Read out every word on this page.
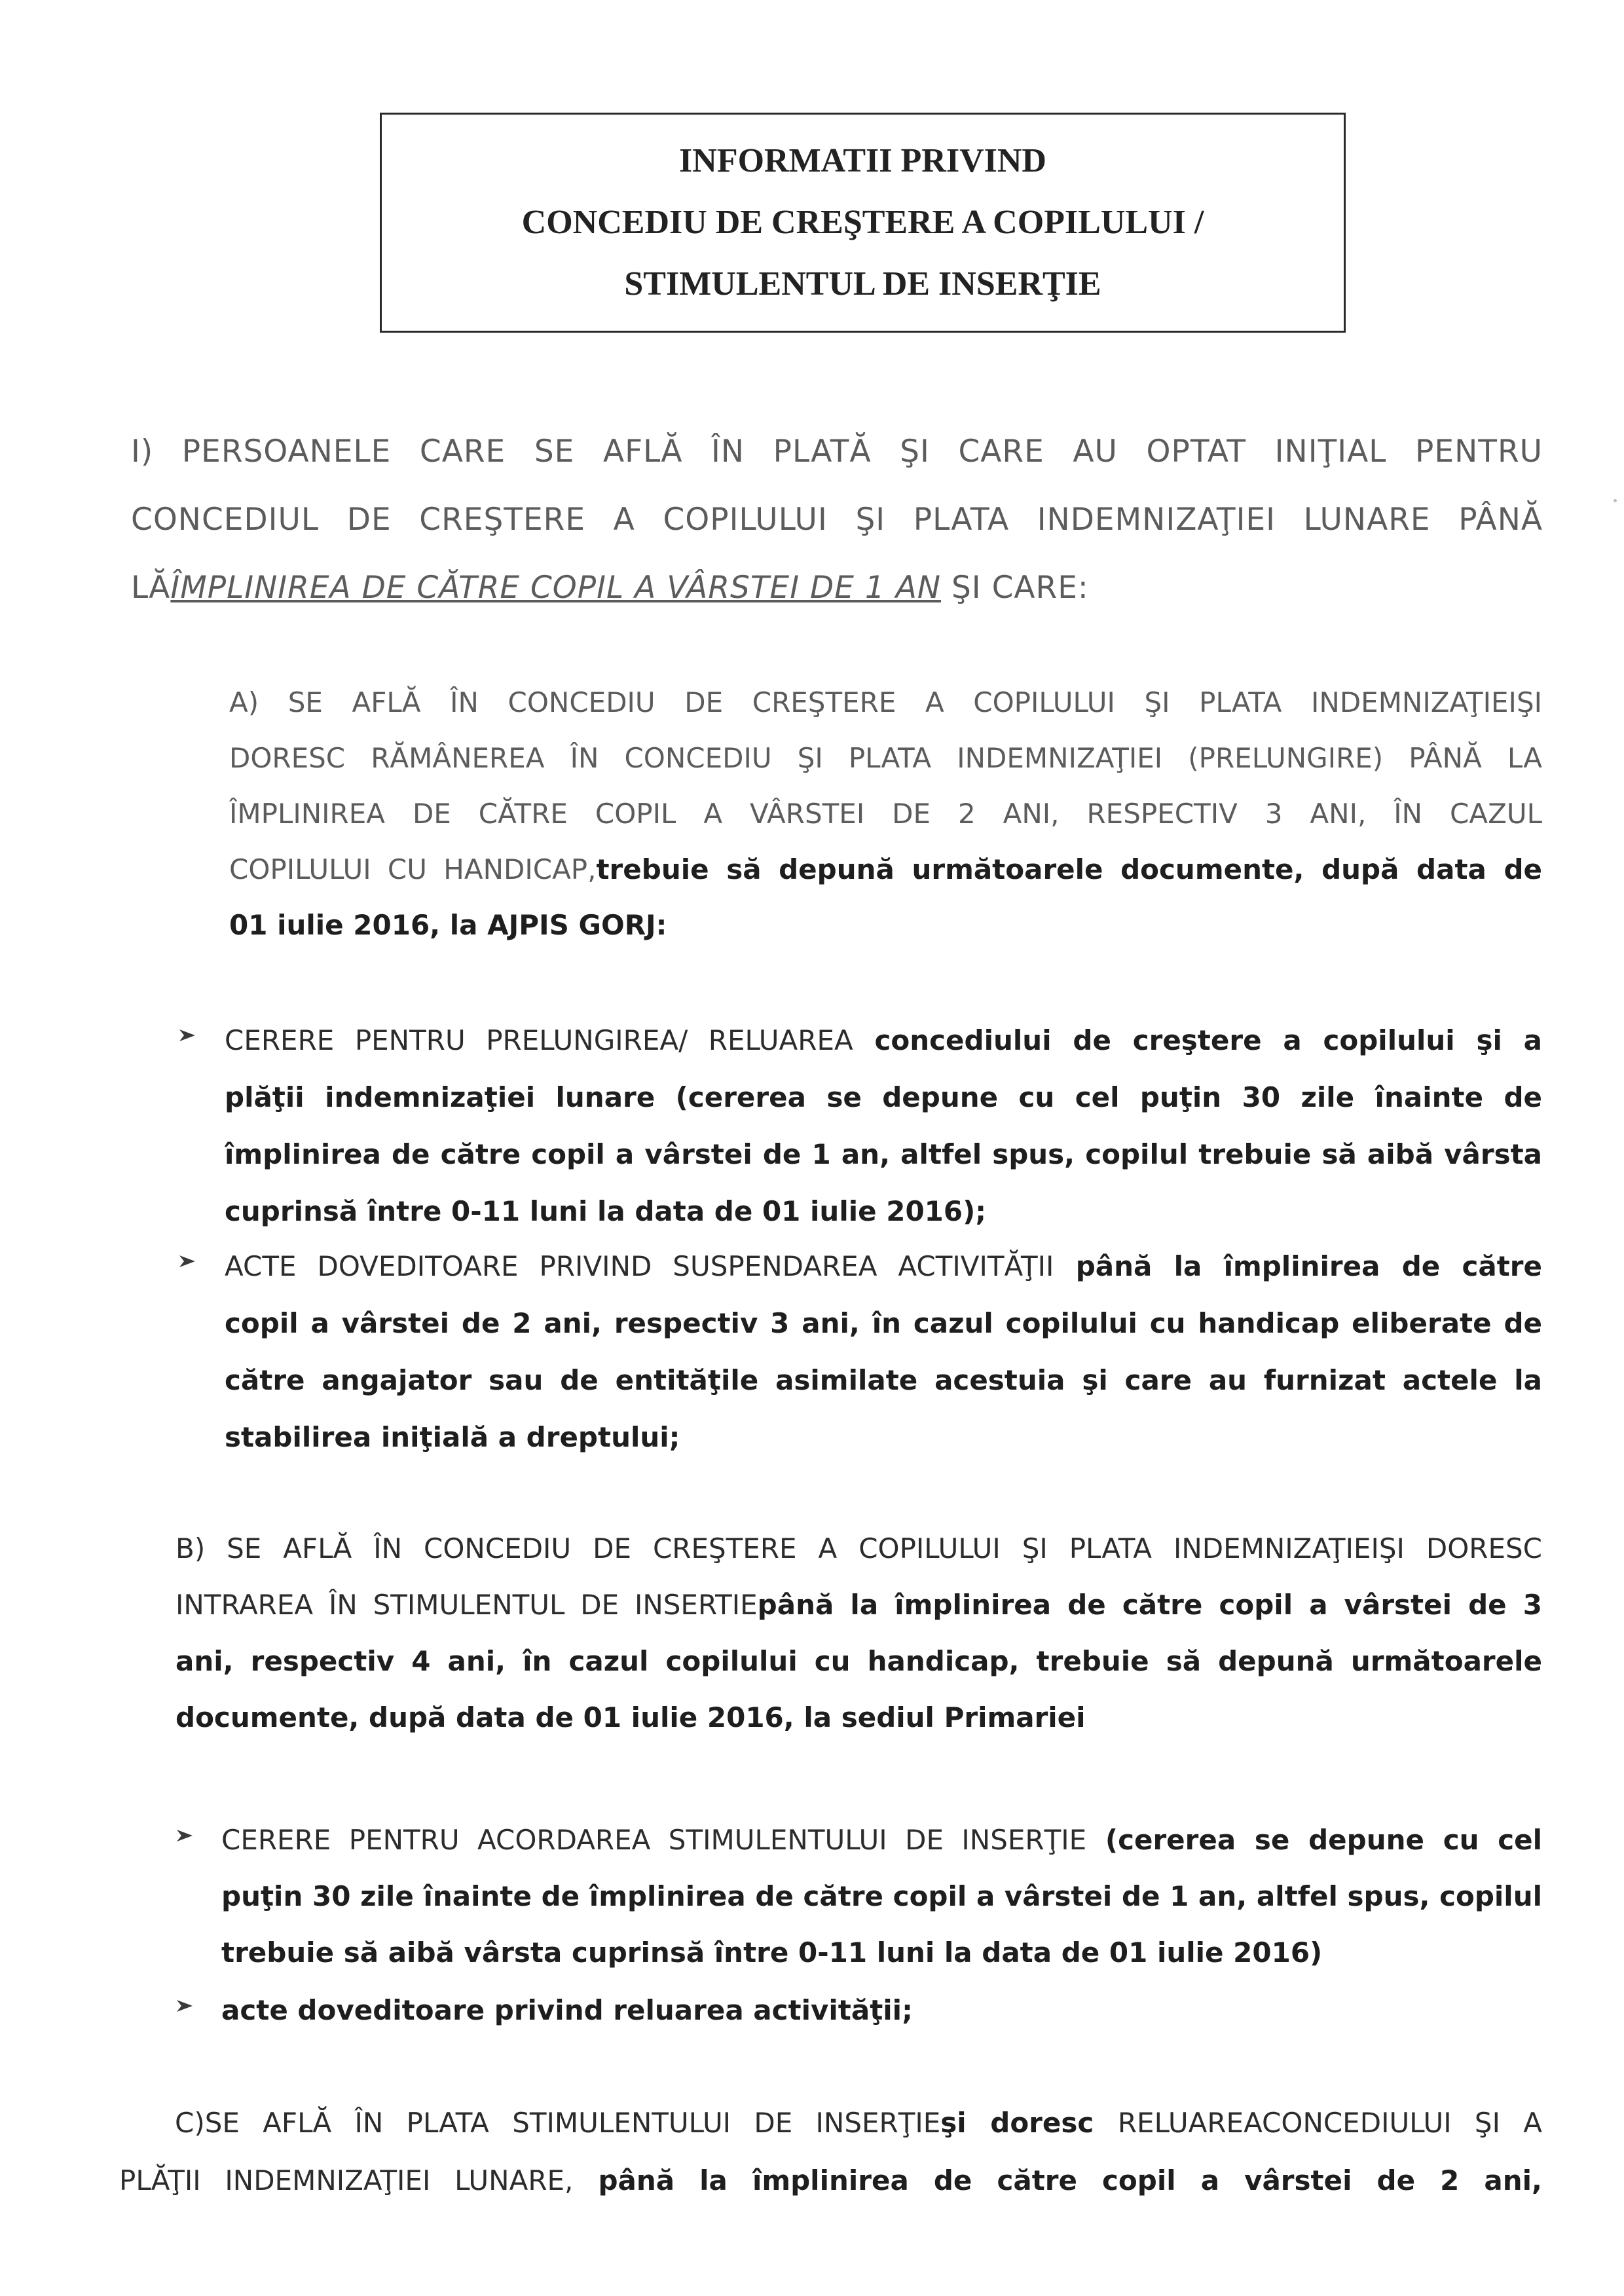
INFORMATII PRIVIND
CONCEDIU DE CREŞTERE A COPILULUI /
STIMULENTUL DE INSERŢIE
I) PERSOANELE CARE SE AFLĂ ÎN PLATĂ ŞI CARE AU OPTAT INIŢIAL PENTRU
CONCEDIUL DE CREŞTERE A COPILULUI ŞI PLATA INDEMNIZAŢIEI LUNARE PÂNĂ
LĂÎMPLINIREA DE CĂTRE COPIL A VÂRSTEI DE 1 AN ŞI CARE:
A) SE AFLĂ ÎN CONCEDIU DE CREŞTERE A COPILULUI ŞI PLATA INDEMNIZAŢIEIŞI
DORESC RĂMÂNEREA ÎN CONCEDIU ŞI PLATA INDEMNIZAŢIEI (PRELUNGIRE) PÂNĂ LA
ÎMPLINIREA DE CĂTRE COPIL A VÂRSTEI DE 2 ANI, RESPECTIV 3 ANI, ÎN CAZUL
COPILULUI CU HANDICAP,trebuie să depună următoarele documente, după data de
01 iulie 2016, la AJPIS GORJ:
CERERE PENTRU PRELUNGIREA/ RELUAREA concediului de creştere a copilului şi a
plăţii indemnizaţiei lunare (cererea se depune cu cel puţin 30 zile înainte de
împlinirea de către copil a vârstei de 1 an, altfel spus, copilul trebuie să aibă vârsta
cuprinsă între 0-11 luni la data de 01 iulie 2016);
ACTE DOVEDITOARE PRIVIND SUSPENDAREA ACTIVITĂŢII până la împlinirea de către
copil a vârstei de 2 ani, respectiv 3 ani, în cazul copilului cu handicap eliberate de
către angajator sau de entităţile asimilate acestuia şi care au furnizat actele la
stabilirea iniţială a dreptului;
B) SE AFLĂ ÎN CONCEDIU DE CREŞTERE A COPILULUI ŞI PLATA INDEMNIZAŢIEIŞI DORESC
INTRAREA ÎN STIMULENTUL DE INSERTIEpână la împlinirea de către copil a vârstei de 3
ani, respectiv 4 ani, în cazul copilului cu handicap, trebuie să depună următoarele
documente, după data de 01 iulie 2016, la sediul Primariei
CERERE PENTRU ACORDAREA STIMULENTULUI DE INSERŢIE (cererea se depune cu cel
puţin 30 zile înainte de împlinirea de către copil a vârstei de 1 an, altfel spus, copilul
trebuie să aibă vârsta cuprinsă între 0-11 luni la data de 01 iulie 2016)
acte doveditoare privind reluarea activităţii;
C)SE AFLĂ ÎN PLATA STIMULENTULUI DE INSERŢIEşi doresc RELUAREACONCEDIULUI ŞI A
PLĂŢII INDEMNIZAŢIEI LUNARE, până la împlinirea de către copil a vârstei de 2 ani,
